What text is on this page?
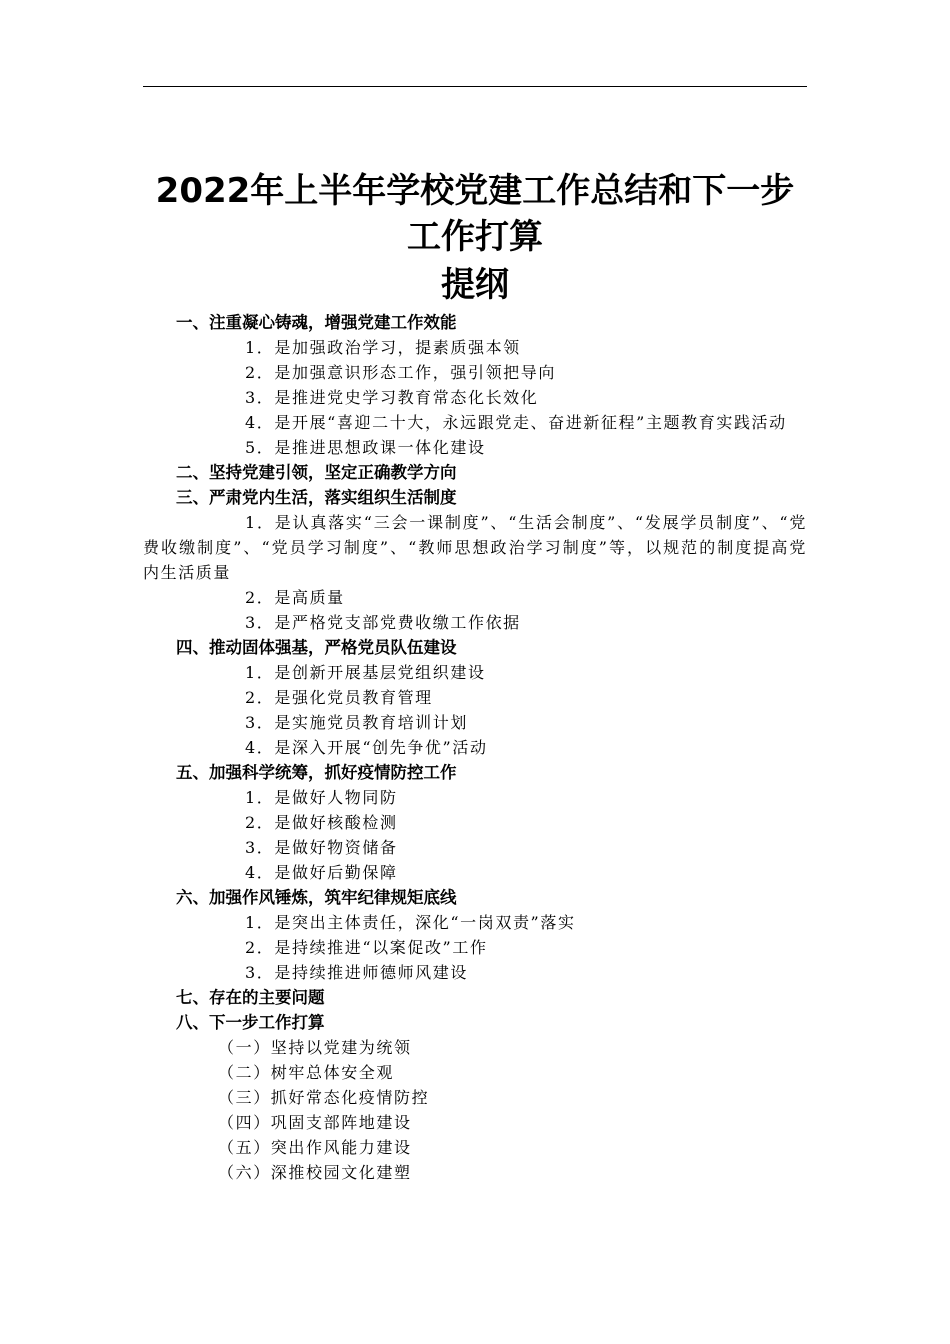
2022年上半年学校党建工作总结和下一步
工作打算
提纲
一、注重凝心铸魂，增强党建工作效能
1．是加强政治学习，提素质强本领
2．是加强意识形态工作，强引领把导向
3．是推进党史学习教育常态化长效化
4．是开展“喜迎二十大，永远跟党走、奋进新征程”主题教育实践活动
5．是推进思想政课一体化建设
二、坚持党建引领，坚定正确教学方向
三、严肃党内生活，落实组织生活制度
1．是认真落实“三会一课制度”、“生活会制度”、“发展学员制度”、“党费收缴制度”、“党员学习制度”、“教师思想政治学习制度”等，以规范的制度提高党内生活质量
2．是高质量
3．是严格党支部党费收缴工作依据
四、推动固体强基，严格党员队伍建设
1．是创新开展基层党组织建设
2．是强化党员教育管理
3．是实施党员教育培训计划
4．是深入开展“创先争优”活动
五、加强科学统筹，抓好疫情防控工作
1．是做好人物同防
2．是做好核酸检测
3．是做好物资储备
4．是做好后勤保障
六、加强作风锤炼，筑牢纪律规矩底线
1．是突出主体责任，深化“一岗双责”落实
2．是持续推进“以案促改”工作
3．是持续推进师德师风建设
七、存在的主要问题
八、下一步工作打算
（一）坚持以党建为统领
（二）树牢总体安全观
（三）抓好常态化疫情防控
（四）巩固支部阵地建设
（五）突出作风能力建设
（六）深推校园文化建塑
